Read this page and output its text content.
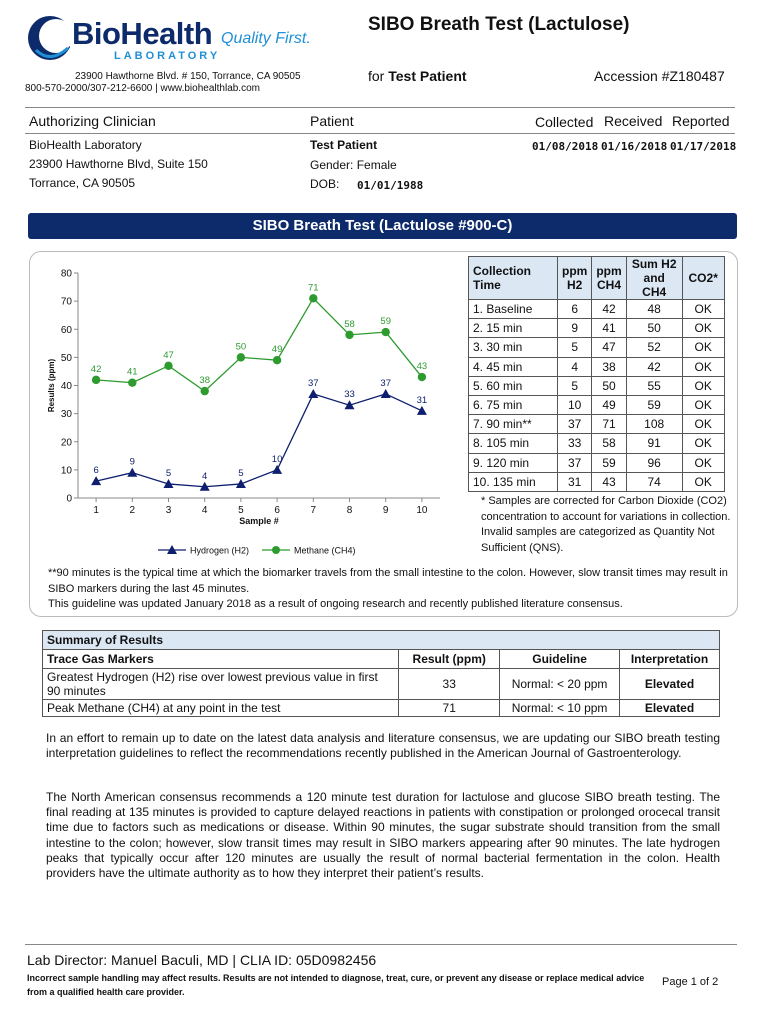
BioHealth
LABORATORY
Quality First.
23900 Hawthorne Blvd. # 150, Torrance, CA 90505
800-570-2000/307-212-6600 | www.biohealthlab.com
SIBO Breath Test (Lactulose)
for Test Patient	Accession #Z180487
Authorizing Clinician	Patient	Collected Received Reported
BioHealth Laboratory
23900 Hawthorne Blvd, Suite 150
Torrance, CA 90505
Test Patient
Gender: Female
DOB: 01/01/1988
01/08/2018 01/16/2018 01/17/2018
SIBO Breath Test (Lactulose #900-C)
0
10
20
30
40
50
60
70
80
1	2	3	4	5	6	7	8	9	10
Sample #
Results (ppm)
6
9
5	4	5
10
37
33
37
31
42	41
47
38
50	49
71
58	59
43
Hydrogen (H2)	Methane (CH4)
Collection Time	ppm H2	ppm CH4	Sum H2 and CH4	CO2*
1. Baseline	6	42	48	OK
2. 15 min	9	41	50	OK
3. 30 min	5	47	52	OK
4. 45 min	4	38	42	OK
5. 60 min	5	50	55	OK
6. 75 min	10	49	59	OK
7. 90 min**	37	71	108	OK
8. 105 min	33	58	91	OK
9. 120 min	37	59	96	OK
10. 135 min	31	43	74	OK
* Samples are corrected for Carbon Dioxide (CO2) concentration to account for variations in collection. Invalid samples are categorized as Quantity Not Sufficient (QNS).
**90 minutes is the typical time at which the biomarker travels from the small intestine to the colon. However, slow transit times may result in SIBO markers during the last 45 minutes.
This guideline was updated January 2018 as a result of ongoing research and recently published literature consensus.
Summary of Results			
Trace Gas Markers	Result (ppm)	Guideline	Interpretation
Greatest Hydrogen (H2) rise over lowest previous value in first 90 minutes	33	Normal: < 20 ppm	Elevated
Peak Methane (CH4) at any point in the test	71	Normal: < 10 ppm	Elevated
In an effort to remain up to date on the latest data analysis and literature consensus, we are updating our SIBO breath testing interpretation guidelines to reflect the recommendations recently published in the American Journal of Gastroenterology.
The North American consensus recommends a 120 minute test duration for lactulose and glucose SIBO breath testing. The final reading at 135 minutes is provided to capture delayed reactions in patients with constipation or prolonged orocecal transit time due to factors such as medications or disease. Within 90 minutes, the sugar substrate should transition from the small intestine to the colon; however, slow transit times may result in SIBO markers appearing after 90 minutes. The late hydrogen peaks that typically occur after 120 minutes are usually the result of normal bacterial fermentation in the colon. Health providers have the ultimate authority as to how they interpret their patient’s results.
Lab Director: Manuel Baculi, MD | CLIA ID: 05D0982456
Incorrect sample handling may affect results. Results are not intended to diagnose, treat, cure, or prevent any disease or replace medical advice from a qualified health care provider.
Page 1 of 2
